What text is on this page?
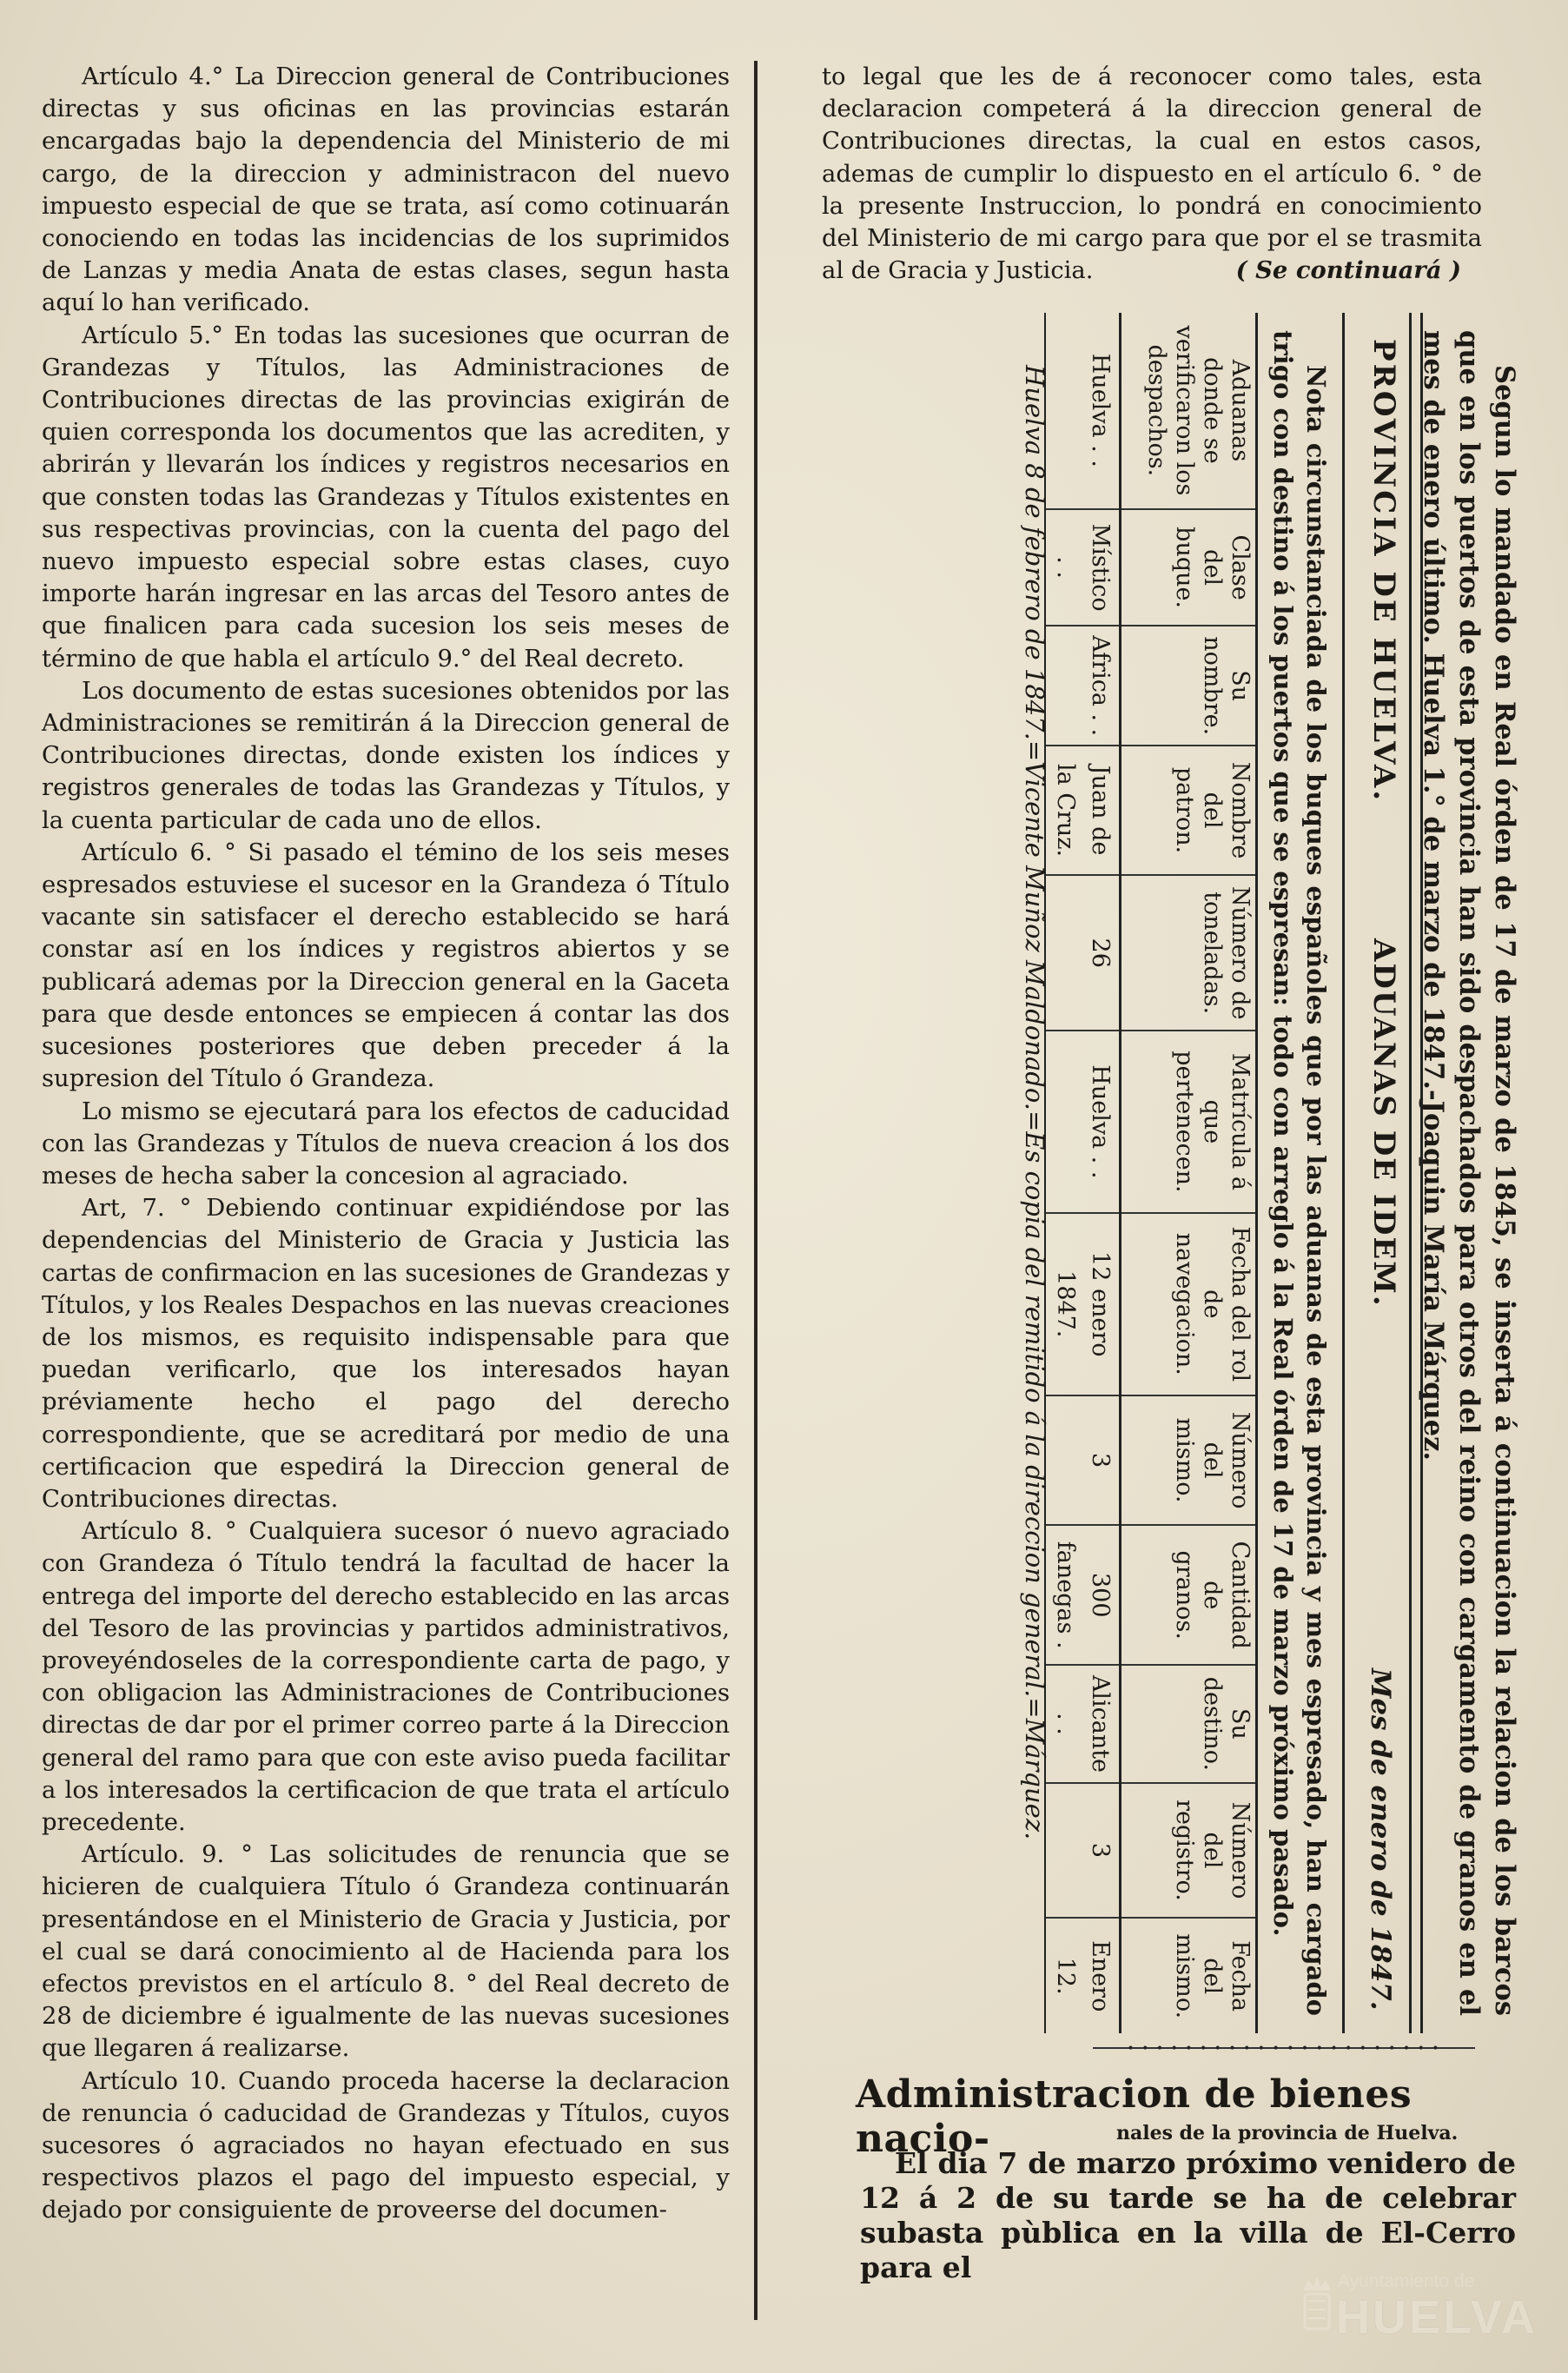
Artículo 4.° La Direccion general de Contribuciones directas y sus oficinas en las provincias estarán encargadas bajo la dependencia del Ministerio de mi cargo, de la direccion y administracon del nuevo impuesto especial de que se trata, así como cotinuarán conociendo en todas las incidencias de los suprimidos de Lanzas y media Anata de estas clases, segun hasta aquí lo han verificado.

Artículo 5.° En todas las sucesiones que ocurran de Grandezas y Títulos, las Administraciones de Contribuciones directas de las provincias exigirán de quien corresponda los documentos que las acrediten, y abrirán y llevarán los índices y registros necesarios en que consten todas las Grandezas y Títulos existentes en sus respectivas provincias, con la cuenta del pago del nuevo impuesto especial sobre estas clases, cuyo importe harán ingresar en las arcas del Tesoro antes de que finalicen para cada sucesion los seis meses de término de que habla el artículo 9.° del Real decreto.

Los documento de estas sucesiones obtenidos por las Administraciones se remitirán á la Direccion general de Contribuciones directas, donde existen los índices y registros generales de todas las Grandezas y Títulos, y la cuenta particular de cada uno de ellos.

Artículo 6. ° Si pasado el témino de los seis meses espresados estuviese el sucesor en la Grandeza ó Título vacante sin satisfacer el derecho establecido se hará constar así en los índices y registros abiertos y se publicará ademas por la Direccion general en la Gaceta para que desde entonces se empiecen á contar las dos sucesiones posteriores que deben preceder á la supresion del Título ó Grandeza.

Lo mismo se ejecutará para los efectos de caducidad con las Grandezas y Títulos de nueva creacion á los dos meses de hecha saber la concesion al agraciado.

Art, 7. ° Debiendo continuar expidiéndose por las dependencias del Ministerio de Gracia y Justicia las cartas de confirmacion en las sucesiones de Grandezas y Títulos, y los Reales Despachos en las nuevas creaciones de los mismos, es requisito indispensable para que puedan verificarlo, que los interesados hayan préviamente hecho el pago del derecho correspondiente, que se acreditará por medio de una certificacion que espedirá la Direccion general de Contribuciones directas.

Artículo 8. ° Cualquiera sucesor ó nuevo agraciado con Grandeza ó Título tendrá la facultad de hacer la entrega del importe del derecho establecido en las arcas del Tesoro de las provincias y partidos administrativos, proveyéndoseles de la correspondiente carta de pago, y con obligacion las Administraciones de Contribuciones directas de dar por el primer correo parte á la Direccion general del ramo para que con este aviso pueda facilitar a los interesados la certificacion de que trata el artículo precedente.

Artículo. 9. ° Las solicitudes de renuncia que se hicieren de cualquiera Título ó Grandeza continuarán presentándose en el Ministerio de Gracia y Justicia, por el cual se dará conocimiento al de Hacienda para los efectos previstos en el artículo 8. ° del Real decreto de 28 de diciembre é igualmente de las nuevas sucesiones que llegaren á realizarse.

Artículo 10. Cuando proceda hacerse la declaracion de renuncia ó caducidad de Grandezas y Títulos, cuyos sucesores ó agraciados no hayan efectuado en sus respectivos plazos el pago del impuesto especial, y dejado por consiguiente de proveerse del documen-

to legal que les de á reconocer como tales, esta declaracion competerá á la direccion general de Contribuciones directas, la cual en estos casos, ademas de cumplir lo dispuesto en el artículo 6. ° de la presente Instruccion, lo pondrá en conocimiento del Ministerio de mi cargo para que por el se trasmita al de Gracia y Justicia.	( Se continuará )

Segun lo mandado en Real órden de 17 de marzo de 1845, se inserta á continuacion la relacion de los barcos que en los puertos de esta provincia han sido despachados para otros del reino con cargamento de granos en el mes de enero último. Huelva 1.° de marzo de 1847.-Joaquin María Márquez.
PROVINCIA DE HUELVA.
ADUANAS DE IDEM.
Mes de enero de 1847.
Nota circunstanciada de los buques españoles que por las aduanas de esta provincia y mes espresado, han cargado trigo con destino á los puertos que se espresan: todo con arreglo á la Real órden de 17 de marzo próximo pasado.
Aduanas donde se verificaron los despachos.	Clase del buque.	Su nombre.	Nombre del patron.	Número de toneladas.	Matrícula á que pertenecen.	Fecha del rol de navegacion.	Número del mismo.	Cantidad de granos.	Su destino.	Número del registro.	Fecha del mismo.
Huelva . .	Místico . .	Africa . .	Juan de la Cruz.	26	Huelva . .	12 enero 1847.	3	300 fanegas .	Alicante . .	3	Enero 12.
Huelva 8 de febrero de 1847.=Vicente Muñoz Maldonado.=Es copia del remitido á la direccion general.=Márquez.
• • • • • • • • • • • • • • • • • • • • • •
Administracion de bienes nacio-	nales de la provincia de Huelva.
El dia 7 de marzo próximo venidero de 12 á 2 de su tarde se ha de celebrar subasta pùblica en la villa de El-Cerro para el	Ayuntamiento de
HUELVA
